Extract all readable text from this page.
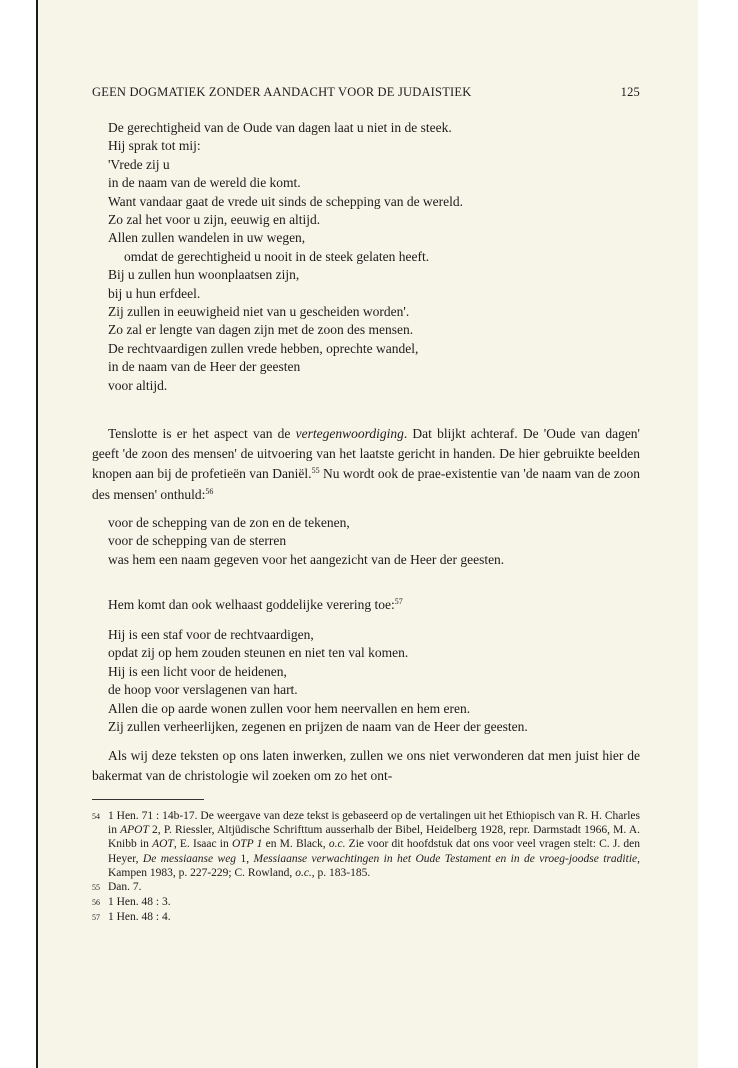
GEEN DOGMATIEK ZONDER AANDACHT VOOR DE JUDAISTIEK	125
De gerechtigheid van de Oude van dagen laat u niet in de steek.
Hij sprak tot mij:
'Vrede zij u
in de naam van de wereld die komt.
Want vandaar gaat de vrede uit sinds de schepping van de wereld.
Zo zal het voor u zijn, eeuwig en altijd.
Allen zullen wandelen in uw wegen,
omdat de gerechtigheid u nooit in de steek gelaten heeft.
Bij u zullen hun woonplaatsen zijn,
bij u hun erfdeel.
Zij zullen in eeuwigheid niet van u gescheiden worden'.
Zo zal er lengte van dagen zijn met de zoon des mensen.
De rechtvaardigen zullen vrede hebben, oprechte wandel,
in de naam van de Heer der geesten
voor altijd.
Tenslotte is er het aspect van de vertegenwoordiging. Dat blijkt achteraf. De 'Oude van dagen' geeft 'de zoon des mensen' de uitvoering van het laatste gericht in handen. De hier gebruikte beelden knopen aan bij de profetieën van Daniël.$^{55}$ Nu wordt ook de prae-existentie van 'de naam van de zoon des mensen' onthuld:$^{56}$
voor de schepping van de zon en de tekenen,
voor de schepping van de sterren
was hem een naam gegeven voor het aangezicht van de Heer der geesten.
Hem komt dan ook welhaast goddelijke verering toe:$^{57}$
Hij is een staf voor de rechtvaardigen,
opdat zij op hem zouden steunen en niet ten val komen.
Hij is een licht voor de heidenen,
de hoop voor verslagenen van hart.
Allen die op aarde wonen zullen voor hem neervallen en hem eren.
Zij zullen verheerlijken, zegenen en prijzen de naam van de Heer der geesten.
Als wij deze teksten op ons laten inwerken, zullen we ons niet verwonderen dat men juist hier de bakermat van de christologie wil zoeken om zo het ont-
54 1 Hen. 71 : 14b-17. De weergave van deze tekst is gebaseerd op de vertalingen uit het Ethiopisch van R. H. Charles in APOT 2, P. Riessler, Altjüdische Schrifttum ausserhalb der Bibel, Heidelberg 1928, repr. Darmstadt 1966, M. A. Knibb in AOT, E. Isaac in OTP 1 en M. Black, o.c. Zie voor dit hoofdstuk dat ons voor veel vragen stelt: C. J. den Heyer, De messiaanse weg 1, Messiaanse verwachtingen in het Oude Testament en in de vroeg-joodse traditie, Kampen 1983, p. 227-229; C. Rowland, o.c., p. 183-185.
55 Dan. 7.
56 1 Hen. 48 : 3.
57 1 Hen. 48 : 4.
